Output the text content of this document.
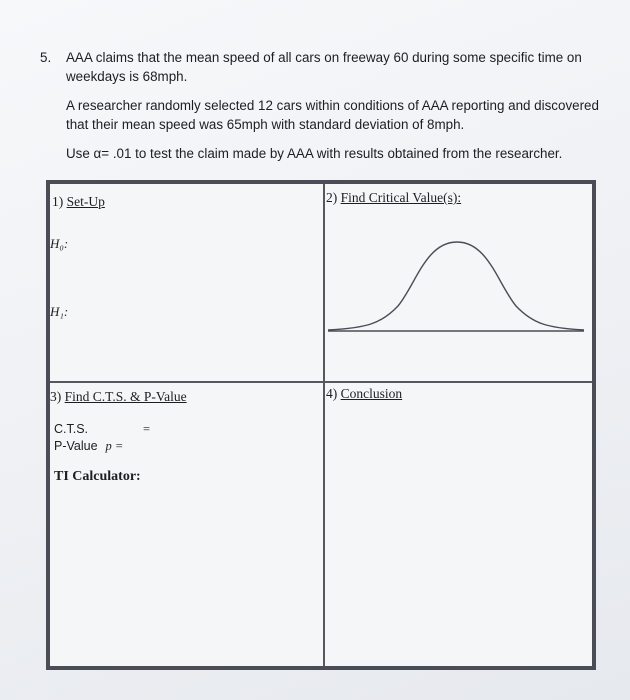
5. AAA claims that the mean speed of all cars on freeway 60 during some specific time on weekdays is 68mph.
A researcher randomly selected 12 cars within conditions of AAA reporting and discovered that their mean speed was 65mph with standard deviation of 8mph.
Use α= .01 to test the claim made by AAA with results obtained from the researcher.
1) Set-Up
H₀:
H₁:
2) Find Critical Value(s):
3) Find C.T.S. & P-Value
C.T.S.	=
P-Value p =
TI Calculator:
4) Conclusion
